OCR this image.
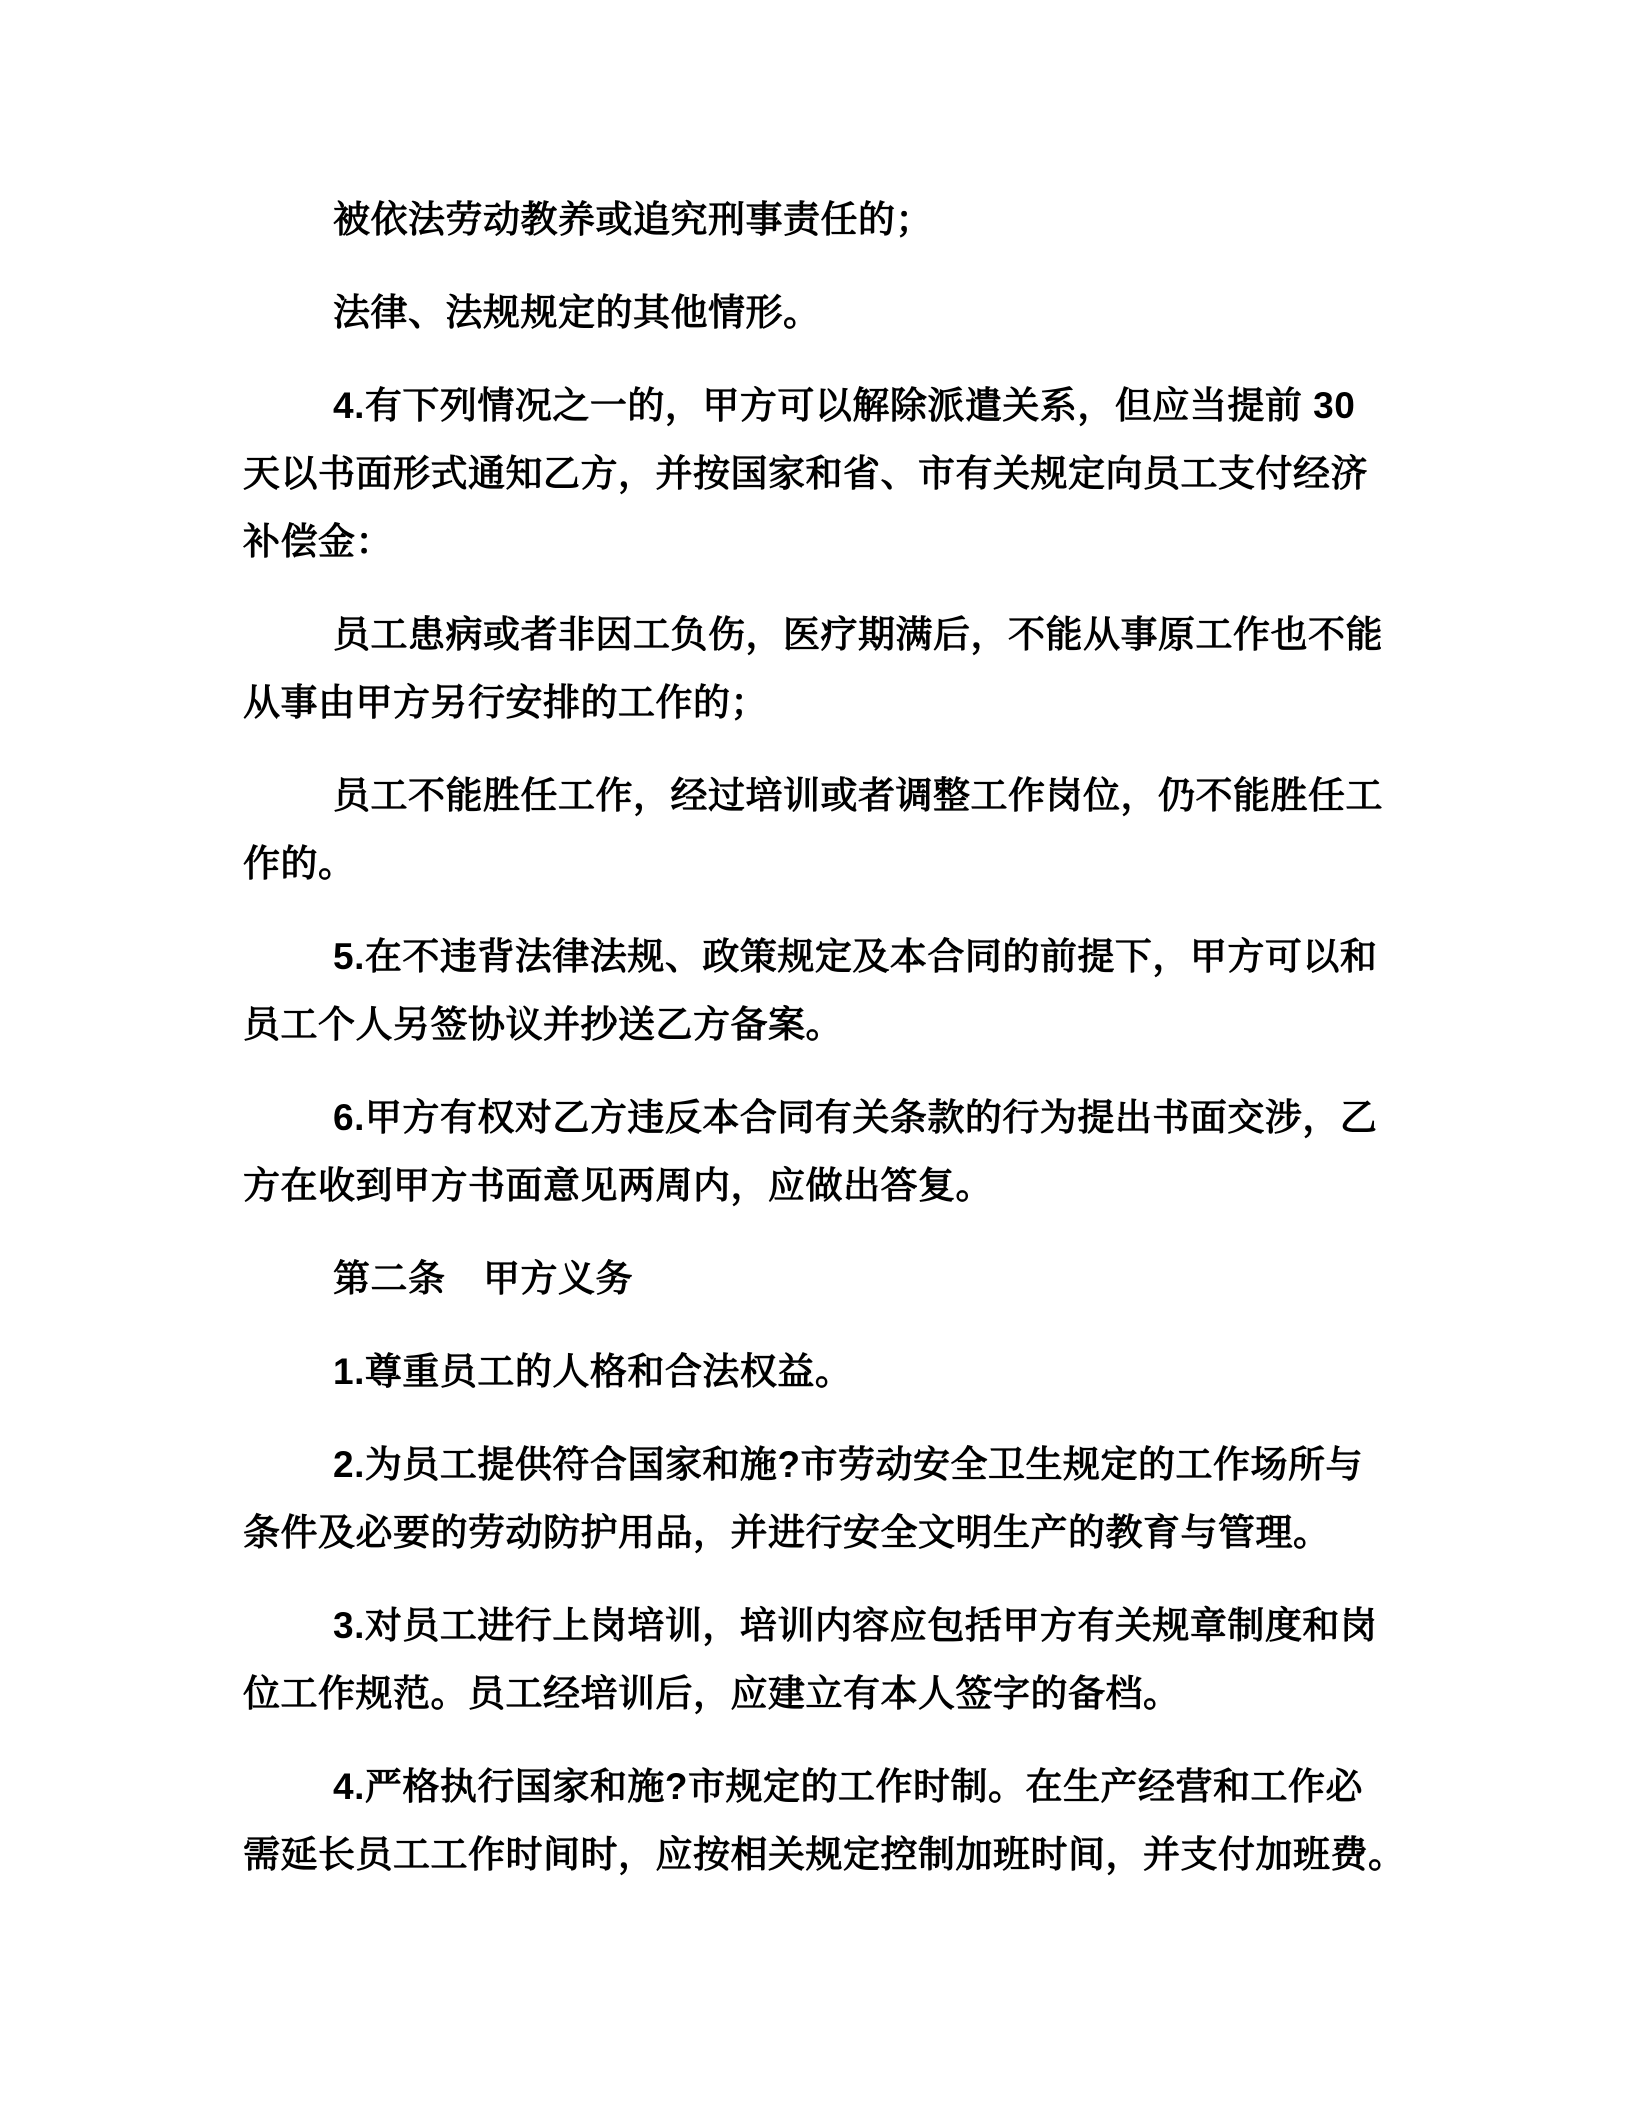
被依法劳动教养或追究刑事责任的；
法律、法规规定的其他情形。
4.有下列情况之一的，甲方可以解除派遣关系，但应当提前 30
天以书面形式通知乙方，并按国家和省、市有关规定向员工支付经济
补偿金：
员工患病或者非因工负伤，医疗期满后，不能从事原工作也不能
从事由甲方另行安排的工作的；
员工不能胜任工作，经过培训或者调整工作岗位，仍不能胜任工
作的。
5.在不违背法律法规、政策规定及本合同的前提下，甲方可以和
员工个人另签协议并抄送乙方备案。
6.甲方有权对乙方违反本合同有关条款的行为提出书面交涉，乙
方在收到甲方书面意见两周内，应做出答复。
第二条　甲方义务
1.尊重员工的人格和合法权益。
2.为员工提供符合国家和施?市劳动安全卫生规定的工作场所与
条件及必要的劳动防护用品，并进行安全文明生产的教育与管理。
3.对员工进行上岗培训，培训内容应包括甲方有关规章制度和岗
位工作规范。员工经培训后，应建立有本人签字的备档。
4.严格执行国家和施?市规定的工作时制。在生产经营和工作必
需延长员工工作时间时，应按相关规定控制加班时间，并支付加班费。
